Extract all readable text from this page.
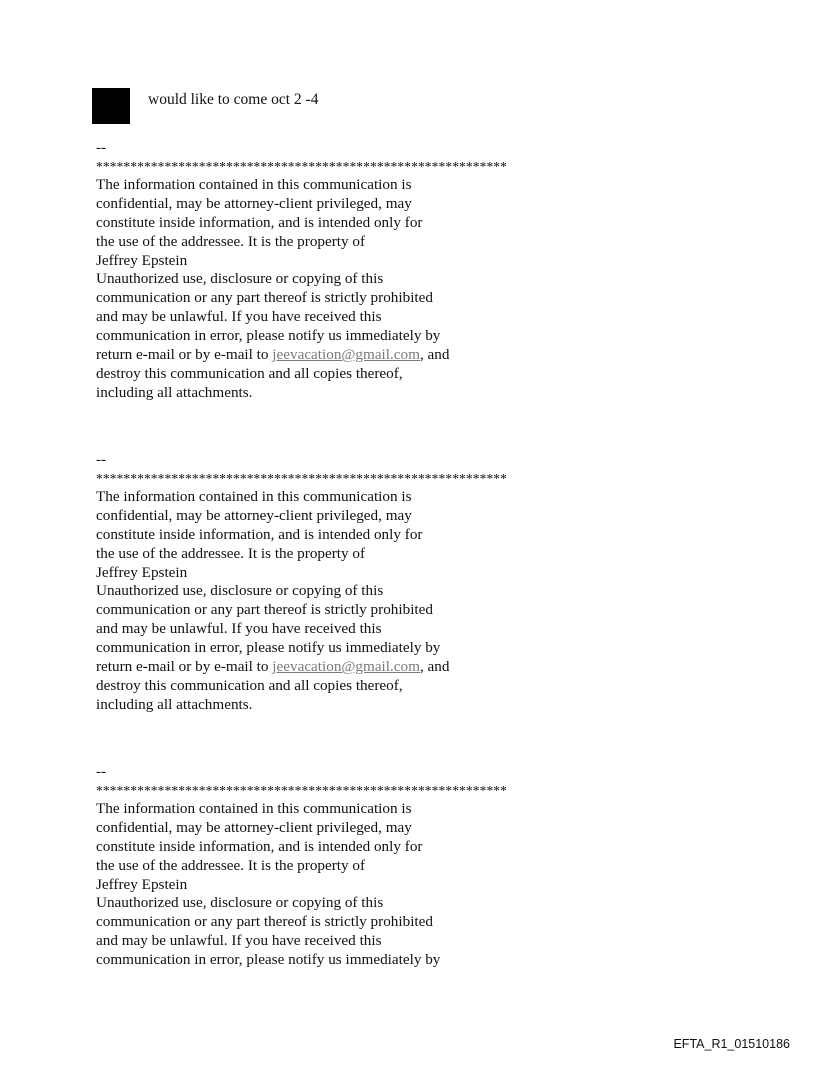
would like to come oct 2 -4
--
************************************************************
The information contained in this communication is
confidential, may be attorney-client privileged, may
constitute inside information, and is intended only for
the use of the addressee. It is the property of
Jeffrey Epstein
Unauthorized use, disclosure or copying of this
communication or any part thereof is strictly prohibited
and may be unlawful. If you have received this
communication in error, please notify us immediately by
return e-mail or by e-mail to jeevacation@gmail.com, and
destroy this communication and all copies thereof,
including all attachments.
--
************************************************************
The information contained in this communication is
confidential, may be attorney-client privileged, may
constitute inside information, and is intended only for
the use of the addressee. It is the property of
Jeffrey Epstein
Unauthorized use, disclosure or copying of this
communication or any part thereof is strictly prohibited
and may be unlawful. If you have received this
communication in error, please notify us immediately by
return e-mail or by e-mail to jeevacation@gmail.com, and
destroy this communication and all copies thereof,
including all attachments.
--
************************************************************
The information contained in this communication is
confidential, may be attorney-client privileged, may
constitute inside information, and is intended only for
the use of the addressee. It is the property of
Jeffrey Epstein
Unauthorized use, disclosure or copying of this
communication or any part thereof is strictly prohibited
and may be unlawful. If you have received this
communication in error, please notify us immediately by
EFTA_R1_01510186
